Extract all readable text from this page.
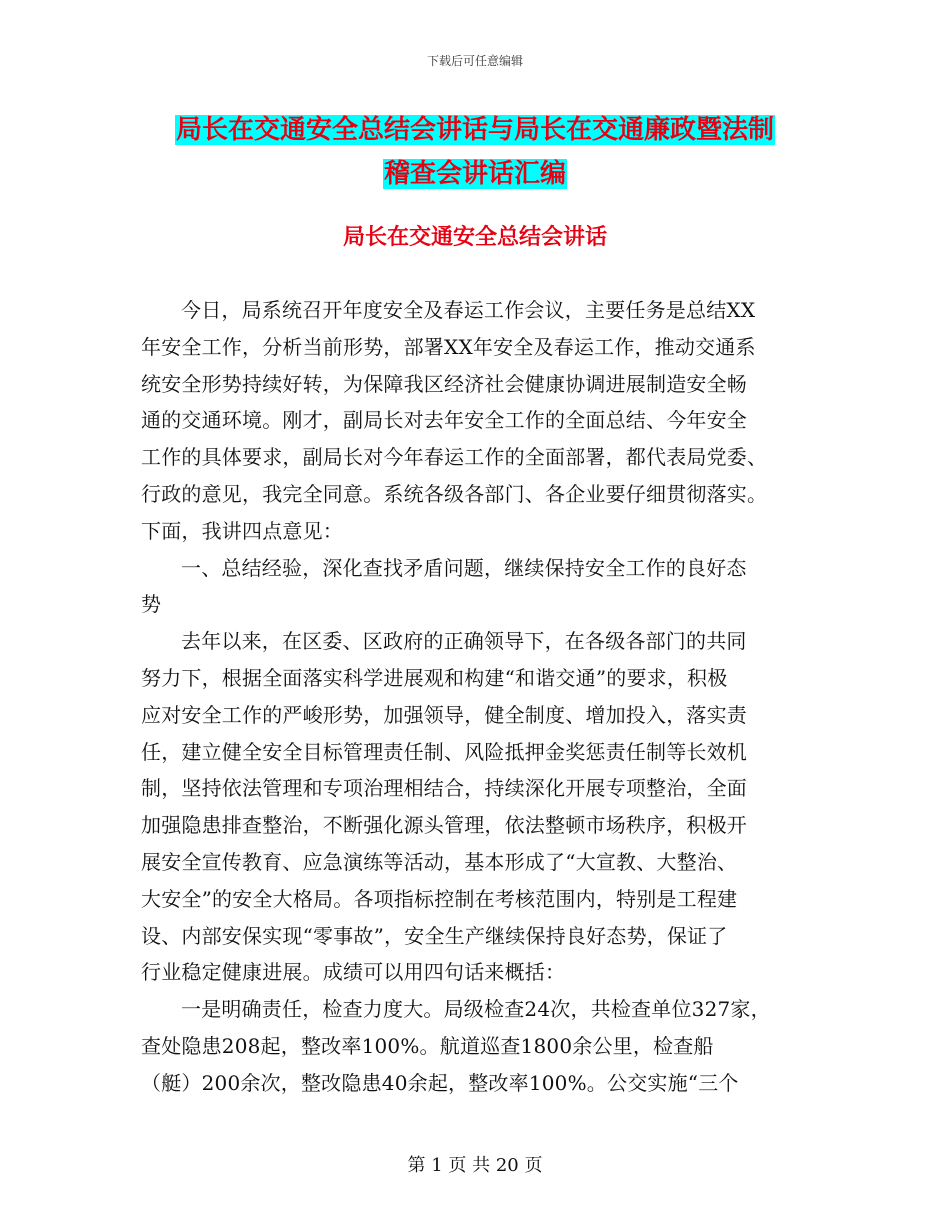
下载后可任意编辑
局长在交通安全总结会讲话与局长在交通廉政暨法制
稽查会讲话汇编
局长在交通安全总结会讲话
今日，局系统召开年度安全及春运工作会议，主要任务是总结XX
年安全工作，分析当前形势，部署XX年安全及春运工作，推动交通系
统安全形势持续好转，为保障我区经济社会健康协调进展制造安全畅
通的交通环境。刚才，副局长对去年安全工作的全面总结、今年安全
工作的具体要求，副局长对今年春运工作的全面部署，都代表局党委、
行政的意见，我完全同意。系统各级各部门、各企业要仔细贯彻落实。
下面，我讲四点意见：
一、总结经验，深化查找矛盾问题，继续保持安全工作的良好态
势
去年以来，在区委、区政府的正确领导下，在各级各部门的共同
努力下，根据全面落实科学进展观和构建“和谐交通”的要求，积极
应对安全工作的严峻形势，加强领导，健全制度、增加投入，落实责
任，建立健全安全目标管理责任制、风险抵押金奖惩责任制等长效机
制，坚持依法管理和专项治理相结合，持续深化开展专项整治，全面
加强隐患排查整治，不断强化源头管理，依法整顿市场秩序，积极开
展安全宣传教育、应急演练等活动，基本形成了“大宣教、大整治、
大安全”的安全大格局。各项指标控制在考核范围内，特别是工程建
设、内部安保实现“零事故”，安全生产继续保持良好态势，保证了
行业稳定健康进展。成绩可以用四句话来概括：
一是明确责任，检查力度大。局级检查24次，共检查单位327家，
查处隐患208起，整改率100%。航道巡查1800余公里，检查船
（艇）200余次，整改隐患40余起，整改率100%。公交实施“三个
第 1 页 共 20 页
